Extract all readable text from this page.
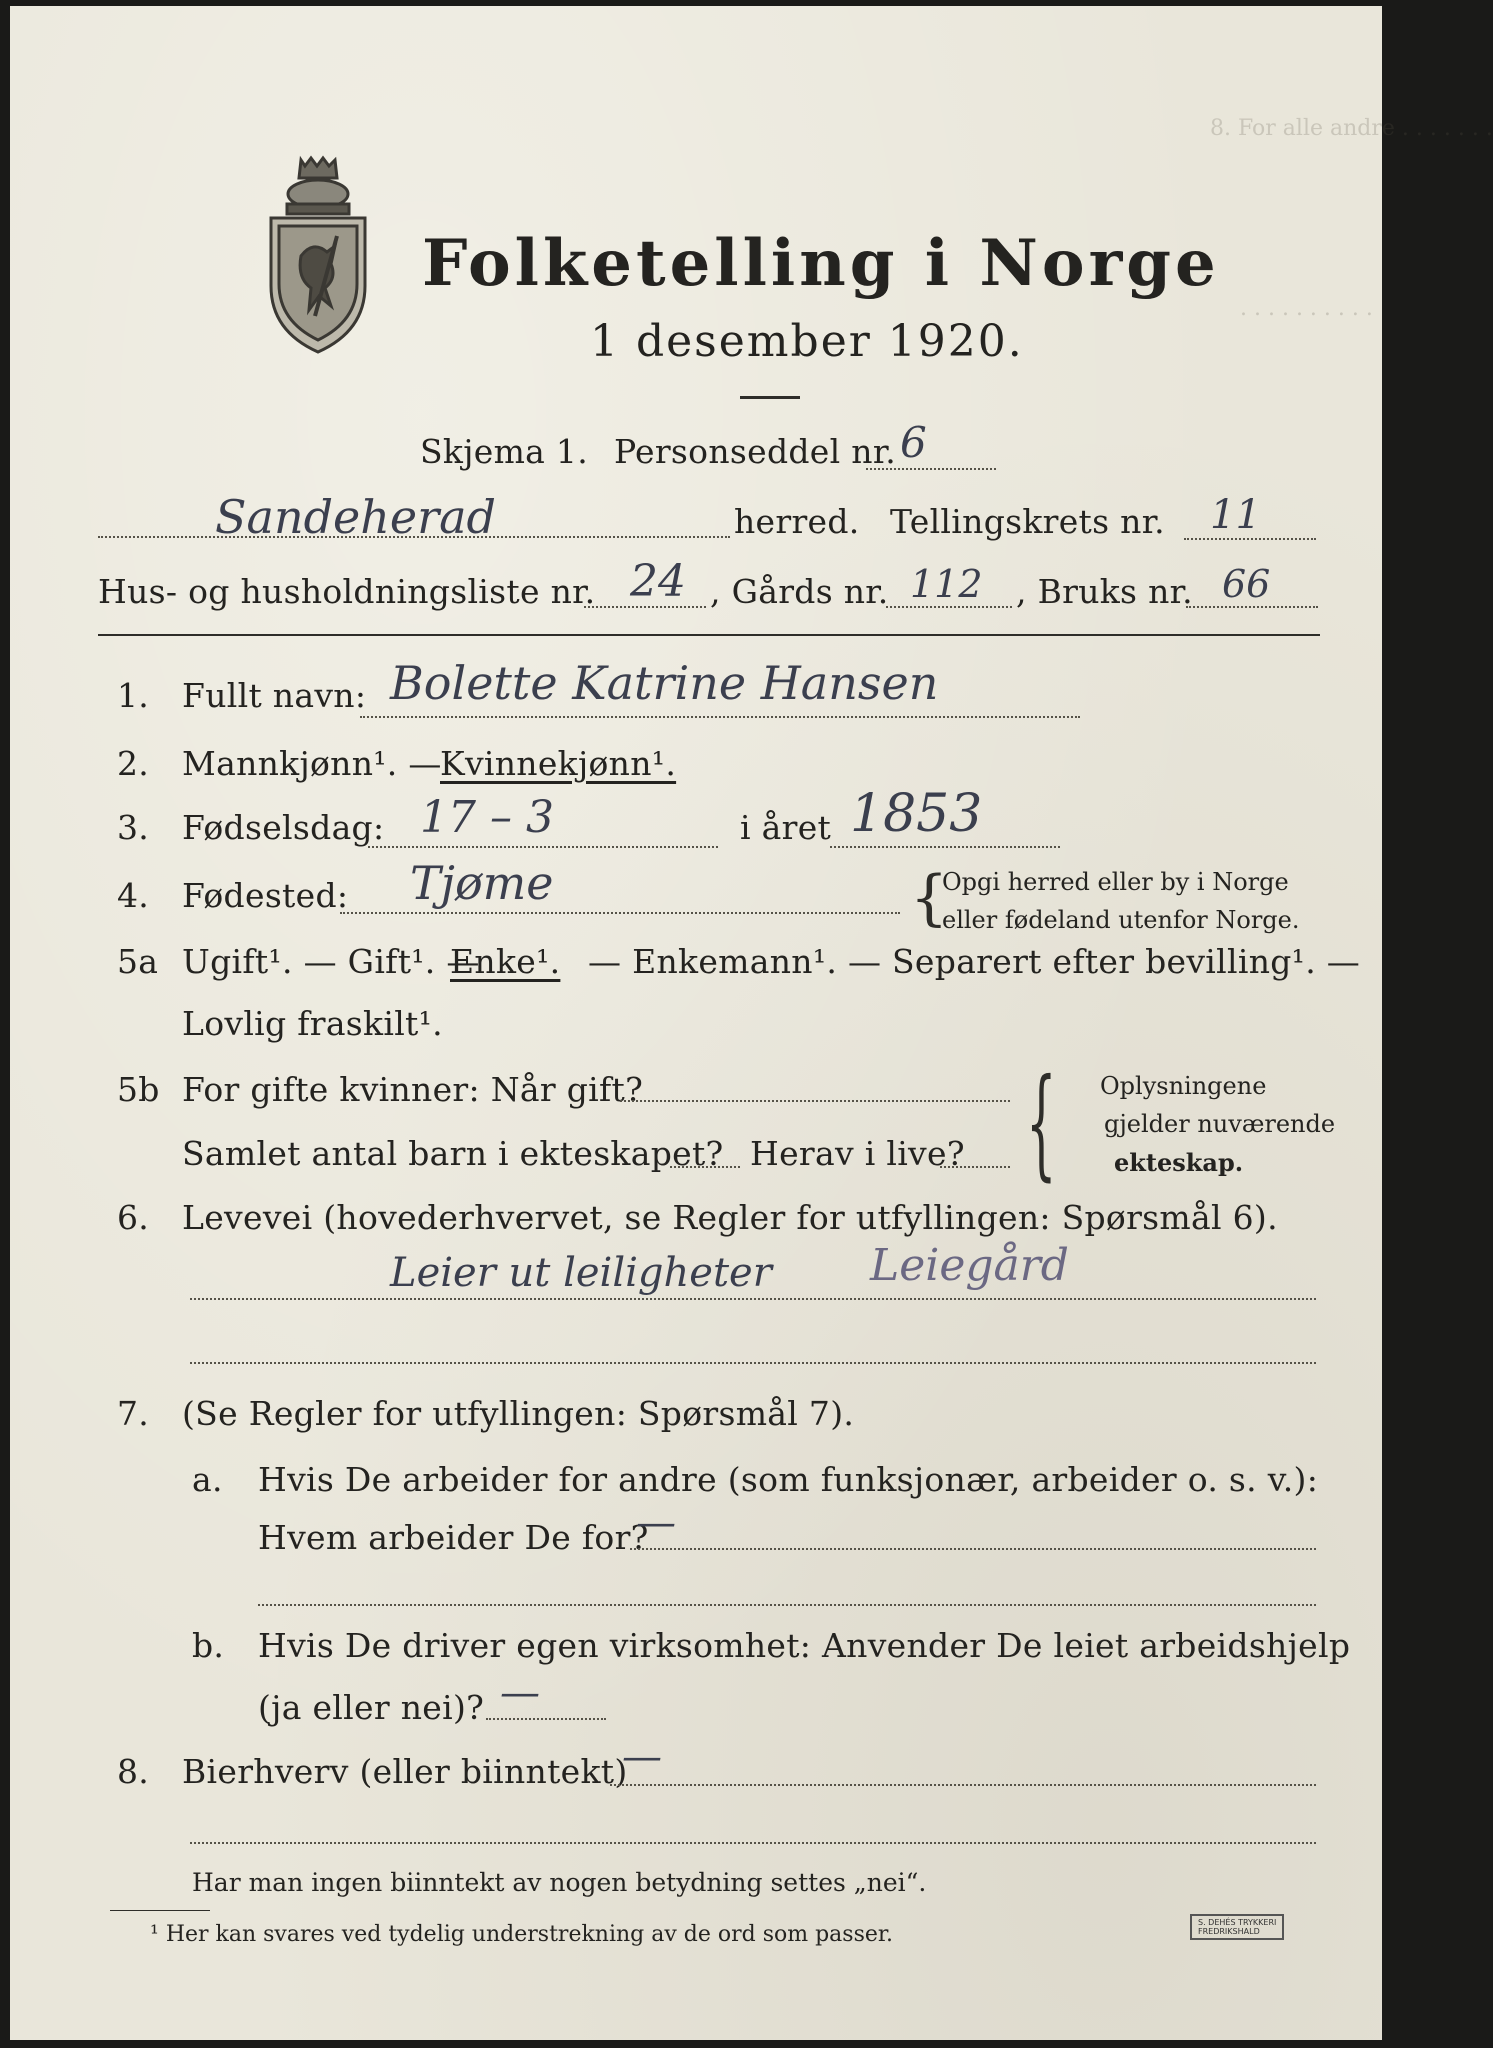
8. For alle andre . . . . . . .
. . . . . . . . . .
Folketelling i Norge
1 desember 1920.
Skjema 1. Personseddel nr. 6
Sandeherad	herred. Tellingskrets nr. 11
Hus- og husholdningsliste nr. 24 , Gårds nr. 112 , Bruks nr. 66
1. Fullt navn: Bolette Katrine Hansen
2. Mannkjønn¹. —
Kvinnekjønn¹.
3. Fødselsdag: 17 – 3	i året 1853
4. Fødested: Tjøme	{
Opgi herred eller by i Norge
eller fødeland utenfor Norge.
5a Ugift¹. — Gift¹. —
Enke¹. — Enkemann¹. — Separert efter bevilling¹. —
Lovlig fraskilt¹.
5b For gifte kvinner: Når gift?
Samlet antal barn i ekteskapet? Herav i live? { Oplysningene
gjelder nuværende
ekteskap.
6. Levevei (hovederhvervet, se Regler for utfyllingen: Spørsmål 6).
Leier ut leiligheter Leiegård
7. (Se Regler for utfyllingen: Spørsmål 7).
a. Hvis De arbeider for andre (som funksjonær, arbeider o. s. v.):
Hvem arbeider De for?
—
b. Hvis De driver egen virksomhet: Anvender De leiet arbeidshjelp
(ja eller nei)? —
8. Bierhverv (eller biinntekt)
—
Har man ingen biinntekt av nogen betydning settes „nei“.
¹ Her kan svares ved tydelig understrekning av de ord som passer.	S. DEHÉS TRYKKERI
FREDRIKSHALD
